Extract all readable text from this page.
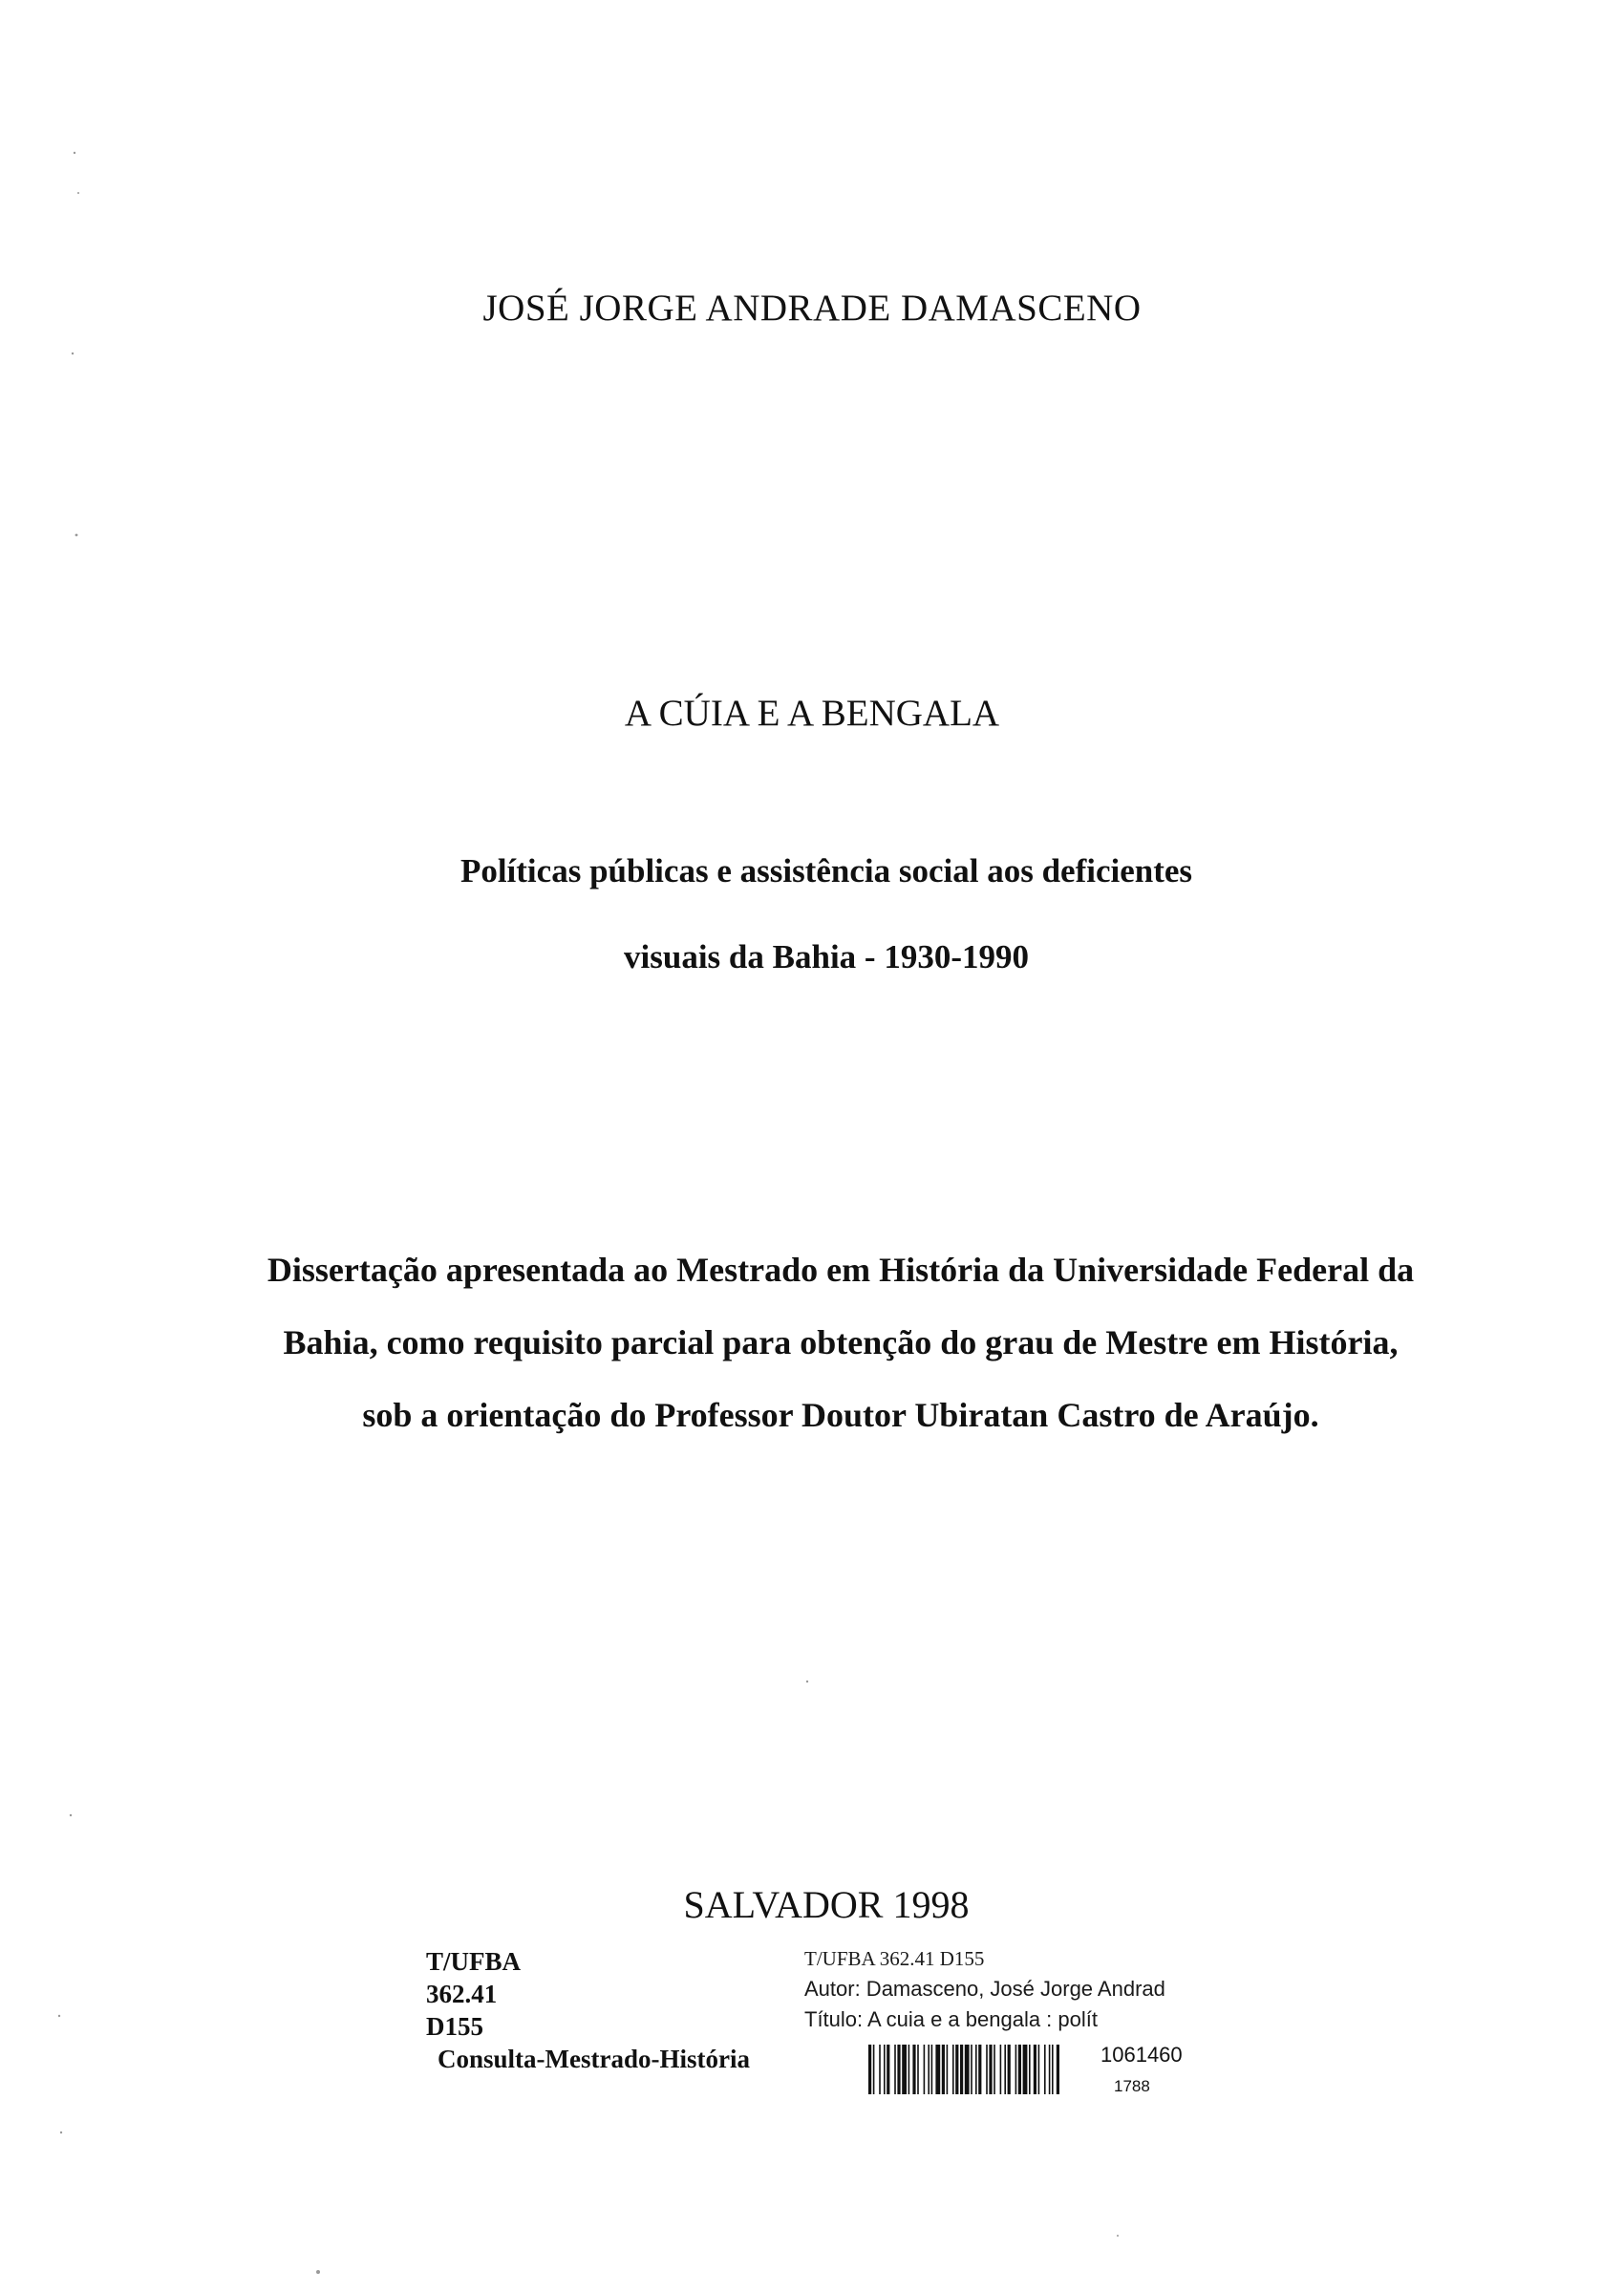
JOSÉ JORGE ANDRADE DAMASCENO
A CÚIA E A BENGALA
Políticas públicas e assistência social aos deficientes
visuais da Bahia - 1930-1990
Dissertação apresentada ao Mestrado em História da Universidade Federal da
Bahia, como requisito parcial para obtenção do grau de Mestre em História,
sob a orientação do Professor Doutor Ubiratan Castro de Araújo.
SALVADOR 1998
T/UFBA
362.41
D155
Consulta-Mestrado-História
T/UFBA 362.41 D155
Autor: Damasceno, José Jorge Andrad
Título: A cuia e a bengala : polít
1061460
1788
